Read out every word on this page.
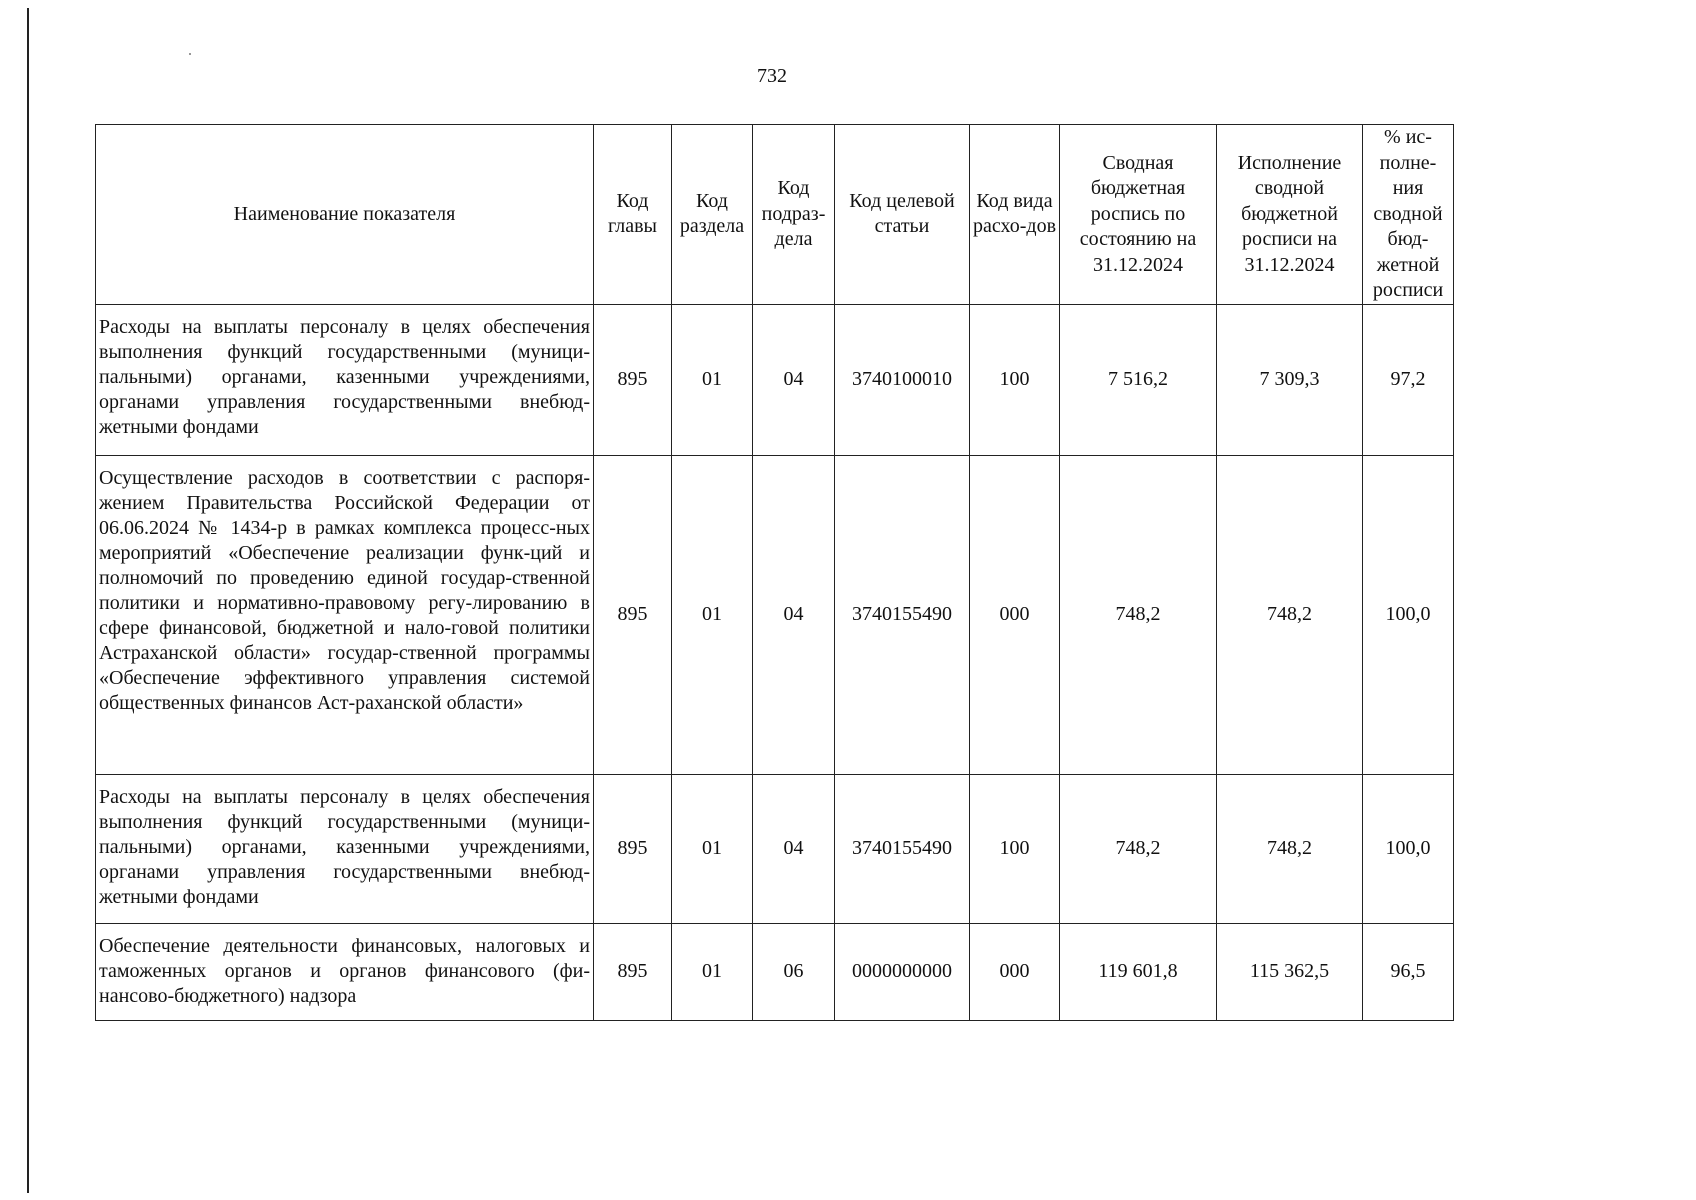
732
Наименование показателя	Код главы	Код раздела	Код подраз-дела	Код целевой статьи	Код вида расхо-дов	Сводная бюджетная роспись по состоянию на 31.12.2024	Исполнение сводной бюджетной росписи на 31.12.2024	% ис-полне-ния сводной бюд-жетной росписи
Расходы на выплаты персоналу в целях обеспечения выполнения функций государственными (муници-пальными) органами, казенными учреждениями, органами управления государственными внебюд-жетными фондами	895	01	04	3740100010	100	7 516,2	7 309,3	97,2
Осуществление расходов в соответствии с распоря-жением Правительства Российской Федерации от 06.06.2024 № 1434-р в рамках комплекса процесс-ных мероприятий «Обеспечение реализации функ-ций и полномочий по проведению единой государ-ственной политики и нормативно-правовому регу-лированию в сфере финансовой, бюджетной и нало-говой политики Астраханской области» государ-ственной программы «Обеспечение эффективного управления системой общественных финансов Аст-раханской области»	895	01	04	3740155490	000	748,2	748,2	100,0
Расходы на выплаты персоналу в целях обеспечения выполнения функций государственными (муници-пальными) органами, казенными учреждениями, органами управления государственными внебюд-жетными фондами	895	01	04	3740155490	100	748,2	748,2	100,0
Обеспечение деятельности финансовых, налоговых и таможенных органов и органов финансового (фи-нансово-бюджетного) надзора	895	01	06	0000000000	000	119 601,8	115 362,5	96,5
